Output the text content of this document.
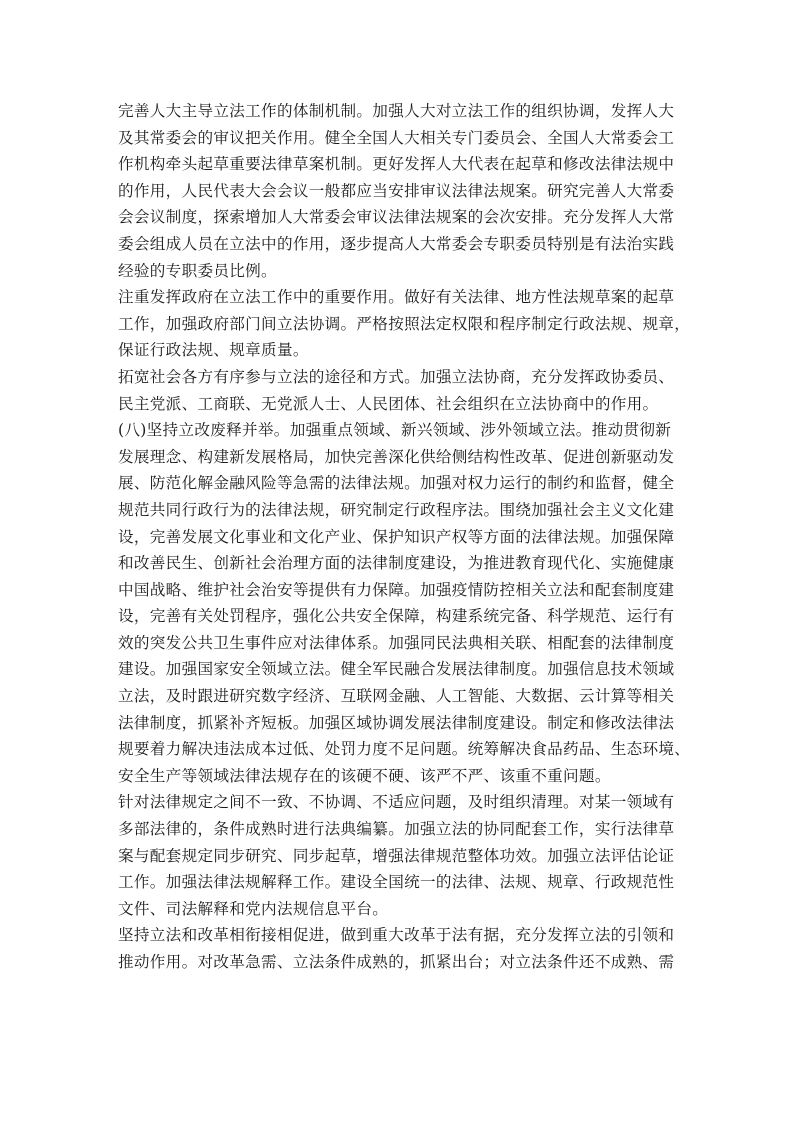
完善人大主导立法工作的体制机制。加强人大对立法工作的组织协调，发挥人大
及其常委会的审议把关作用。健全全国人大相关专门委员会、全国人大常委会工
作机构牵头起草重要法律草案机制。更好发挥人大代表在起草和修改法律法规中
的作用，人民代表大会会议一般都应当安排审议法律法规案。研究完善人大常委
会会议制度，探索增加人大常委会审议法律法规案的会次安排。充分发挥人大常
委会组成人员在立法中的作用，逐步提高人大常委会专职委员特别是有法治实践
经验的专职委员比例。

注重发挥政府在立法工作中的重要作用。做好有关法律、地方性法规草案的起草
工作，加强政府部门间立法协调。严格按照法定权限和程序制定行政法规、规章，
保证行政法规、规章质量。

拓宽社会各方有序参与立法的途径和方式。加强立法协商，充分发挥政协委员、
民主党派、工商联、无党派人士、人民团体、社会组织在立法协商中的作用。

(八)坚持立改废释并举。加强重点领域、新兴领域、涉外领域立法。推动贯彻新
发展理念、构建新发展格局，加快完善深化供给侧结构性改革、促进创新驱动发
展、防范化解金融风险等急需的法律法规。加强对权力运行的制约和监督，健全
规范共同行政行为的法律法规，研究制定行政程序法。围绕加强社会主义文化建
设，完善发展文化事业和文化产业、保护知识产权等方面的法律法规。加强保障
和改善民生、创新社会治理方面的法律制度建设，为推进教育现代化、实施健康
中国战略、维护社会治安等提供有力保障。加强疫情防控相关立法和配套制度建
设，完善有关处罚程序，强化公共安全保障，构建系统完备、科学规范、运行有
效的突发公共卫生事件应对法律体系。加强同民法典相关联、相配套的法律制度
建设。加强国家安全领域立法。健全军民融合发展法律制度。加强信息技术领域
立法，及时跟进研究数字经济、互联网金融、人工智能、大数据、云计算等相关
法律制度，抓紧补齐短板。加强区域协调发展法律制度建设。制定和修改法律法
规要着力解决违法成本过低、处罚力度不足问题。统筹解决食品药品、生态环境、
安全生产等领域法律法规存在的该硬不硬、该严不严、该重不重问题。

针对法律规定之间不一致、不协调、不适应问题，及时组织清理。对某一领域有
多部法律的，条件成熟时进行法典编纂。加强立法的协同配套工作，实行法律草
案与配套规定同步研究、同步起草，增强法律规范整体功效。加强立法评估论证
工作。加强法律法规解释工作。建设全国统一的法律、法规、规章、行政规范性
文件、司法解释和党内法规信息平台。

坚持立法和改革相衔接相促进，做到重大改革于法有据，充分发挥立法的引领和
推动作用。对改革急需、立法条件成熟的，抓紧出台；对立法条件还不成熟、需
